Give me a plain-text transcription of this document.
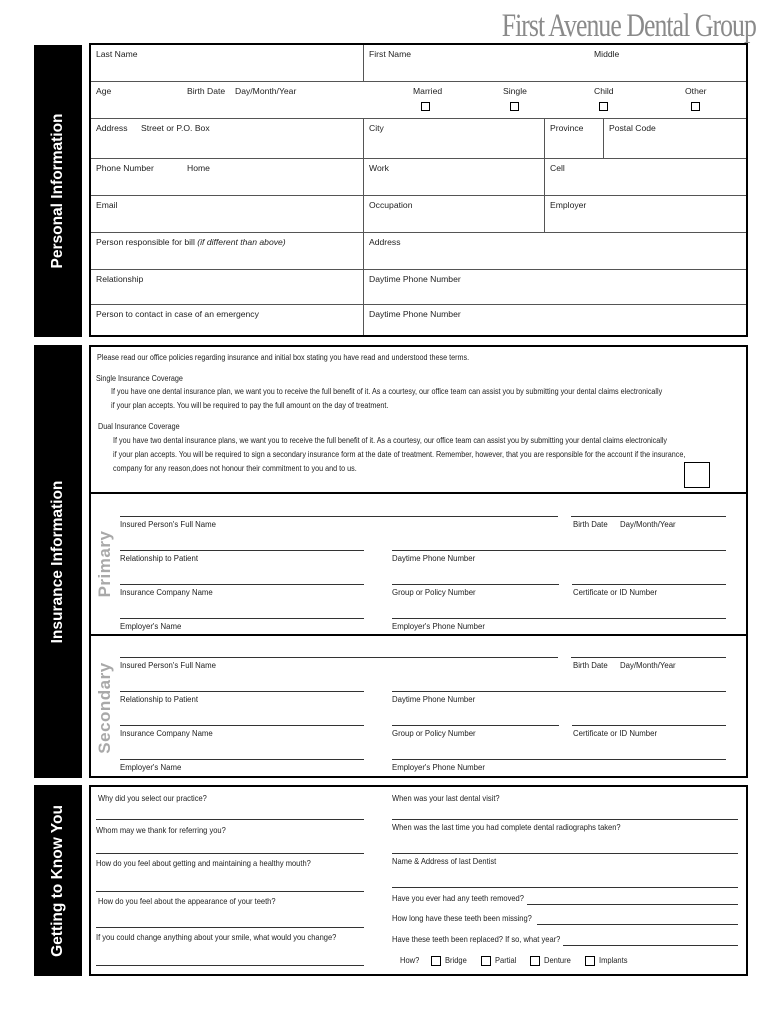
First Avenue Dental Group
Personal Information
Insurance Information
Getting to Know You
Last Name	First Name	Middle
Age	Birth Date Day/Month/Year	Married	Single	Child	Other
Address Street or P.O. Box	City	Province	Postal Code
Phone Number	Home	Work	Cell
Email	Occupation	Employer
Person responsible for bill (if different than above)	Address
Relationship	Daytime Phone Number
Person to contact in case of an emergency	Daytime Phone Number
Please read our office policies regarding insurance and initial box stating you have read and understood these terms.
Single Insurance Coverage
If you have one dental insurance plan, we want you to receive the full benefit of it. As a courtesy, our office team can assist you by submitting your dental claims electronically
if your plan accepts. You will be required to pay the full amount on the day of treatment.
Dual Insurance Coverage
If you have two dental insurance plans, we want you to receive the full benefit of it. As a courtesy, our office team can assist you by submitting your dental claims electronically
if your plan accepts. You will be required to sign a secondary insurance form at the date of treatment. Remember, however, that you are responsible for the account if the insurance,
company for any reason,does not honour their commitment to you and to us.
Primary
Insured Person's Full Name	Birth Date Day/Month/Year
Relationship to Patient	Daytime Phone Number
Insurance Company Name	Group or Policy Number	Certificate or ID Number
Employer's Name	Employer's Phone Number
Secondary Insured Person's Full Name	Birth Date Day/Month/Year
Relationship to Patient	Daytime Phone Number
Insurance Company Name	Group or Policy Number	Certificate or ID Number
Employer's Name	Employer's Phone Number
Why did you select our practice?
Whom may we thank for referring you?
How do you feel about getting and maintaining a healthy mouth?
How do you feel about the appearance of your teeth?
If you could change anything about your smile, what would you change?
When was your last dental visit?
When was the last time you had complete dental radiographs taken?
Name & Address of last Dentist
Have you ever had any teeth removed?
How long have these teeth been missing?
Have these teeth been replaced? If so, what year?
How?	Bridge	Partial	Denture	Implants
